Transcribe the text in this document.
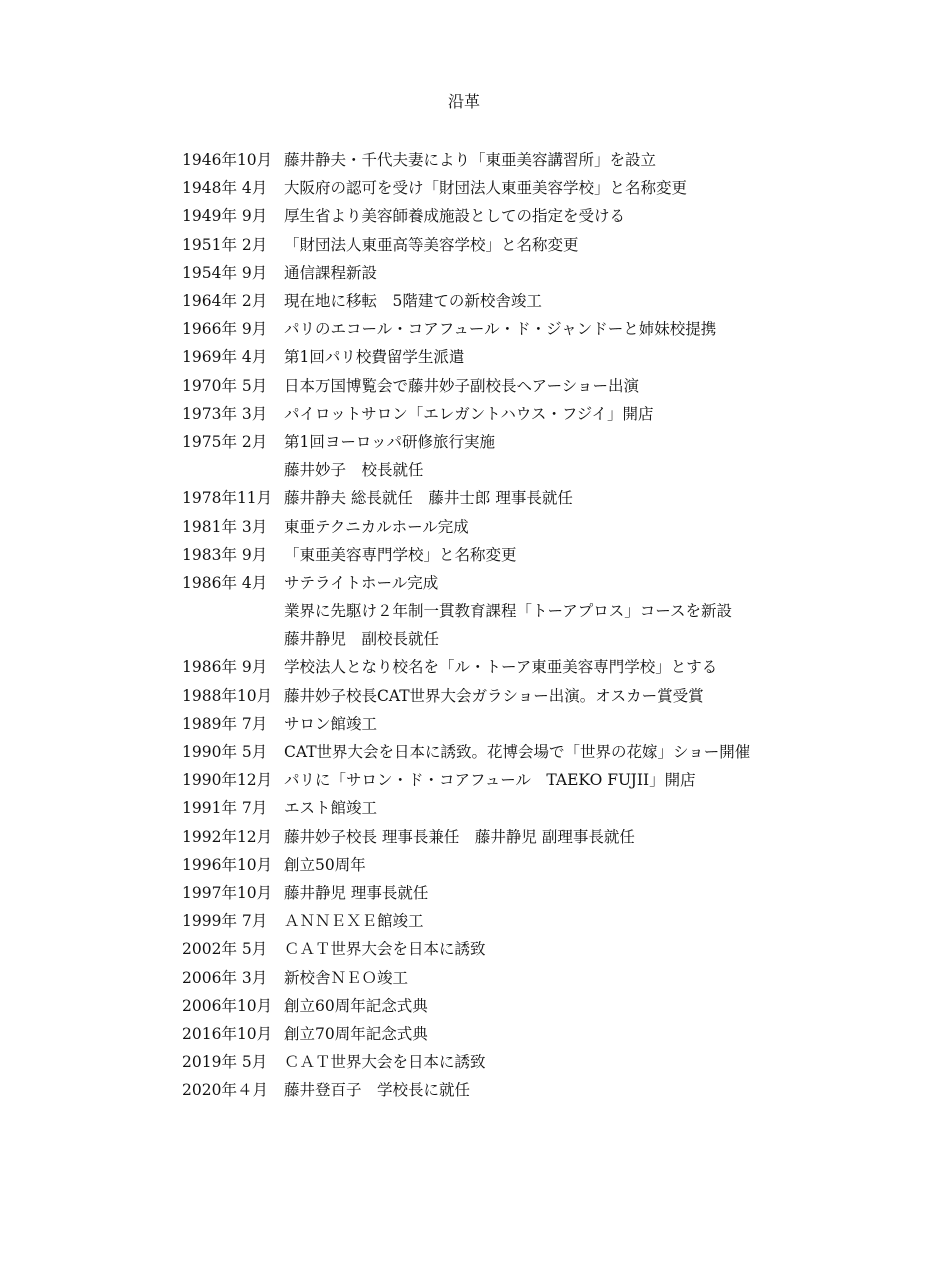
沿革
1946年10月 藤井静夫・千代夫妻により「東亜美容講習所」を設立
1948年 4月	大阪府の認可を受け「財団法人東亜美容学校」と名称変更
1949年 9月	厚生省より美容師養成施設としての指定を受ける
1951年 2月	「財団法人東亜高等美容学校」と名称変更
1954年 9月	通信課程新設
1964年 2月	現在地に移転　5階建ての新校舎竣工
1966年 9月	パリのエコール・コアフュール・ド・ジャンドーと姉妹校提携
1969年 4月	第1回パリ校費留学生派遣
1970年 5月	日本万国博覧会で藤井妙子副校長ヘアーショー出演
1973年 3月	パイロットサロン「エレガントハウス・フジイ」開店
1975年 2月	第1回ヨーロッパ研修旅行実施
藤井妙子　校長就任
1978年11月 藤井静夫 総長就任　藤井士郎 理事長就任
1981年 3月	東亜テクニカルホール完成
1983年 9月	「東亜美容専門学校」と名称変更
1986年 4月	サテライトホール完成
業界に先駆け２年制一貫教育課程「トーアプロス」コースを新設
藤井静児　副校長就任
1986年 9月	学校法人となり校名を「ル・トーア東亜美容専門学校」とする
1988年10月 藤井妙子校長CAT世界大会ガラショー出演。オスカー賞受賞
1989年 7月	サロン館竣工
1990年 5月	CAT世界大会を日本に誘致。花博会場で「世界の花嫁」ショー開催
1990年12月 パリに「サロン・ド・コアフュール　TAEKO FUJII」開店
1991年 7月	エスト館竣工
1992年12月 藤井妙子校長 理事長兼任　藤井静児 副理事長就任
1996年10月 創立50周年
1997年10月 藤井静児 理事長就任
1999年 7月	ＡＮＮＥＸＥ館竣工
2002年 5月	ＣＡＴ世界大会を日本に誘致
2006年 3月	新校舎ＮＥＯ竣工
2006年10月 創立60周年記念式典
2016年10月 創立70周年記念式典
2019年 5月	ＣＡＴ世界大会を日本に誘致
2020年４月	藤井登百子　学校長に就任
